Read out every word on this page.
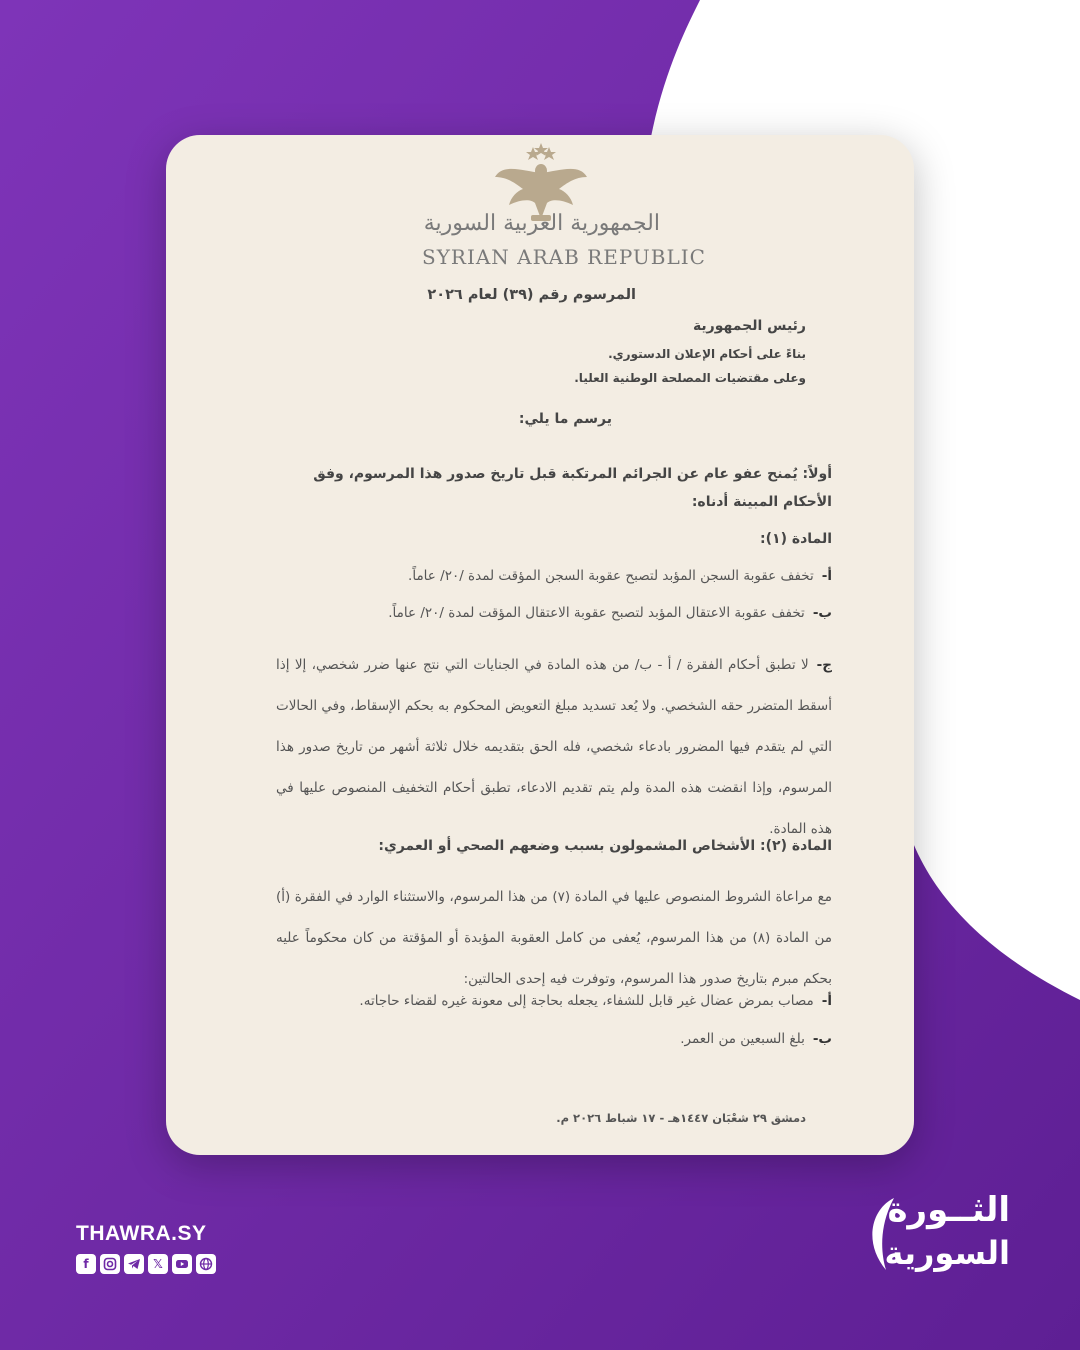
الجمهورية العربية السورية
SYRIAN ARAB REPUBLIC
المرسوم رقم (٣٩) لعام ٢٠٢٦
رئيس الجمهورية
بناءً على أحكام الإعلان الدستوري.
وعلى مقتضيات المصلحة الوطنية العليا.
يرسم ما يلي:
أولاً: يُمنح عفو عام عن الجرائم المرتكبة قبل تاريخ صدور هذا المرسوم، وفق الأحكام المبينة أدناه:
المادة (١):
أ-تخفف عقوبة السجن المؤبد لتصبح عقوبة السجن المؤقت لمدة /٢٠/ عاماً.
ب-تخفف عقوبة الاعتقال المؤبد لتصبح عقوبة الاعتقال المؤقت لمدة /٢٠/ عاماً.
ج-لا تطبق أحكام الفقرة / أ - ب/ من هذه المادة في الجنايات التي نتج عنها ضرر شخصي، إلا إذا أسقط المتضرر حقه الشخصي. ولا يُعد تسديد مبلغ التعويض المحكوم به بحكم الإسقاط، وفي الحالات التي لم يتقدم فيها المضرور بادعاء شخصي، فله الحق بتقديمه خلال ثلاثة أشهر من تاريخ صدور هذا المرسوم، وإذا انقضت هذه المدة ولم يتم تقديم الادعاء، تطبق أحكام التخفيف المنصوص عليها في هذه المادة.
المادة (٢): الأشخاص المشمولون بسبب وضعهم الصحي أو العمري:
مع مراعاة الشروط المنصوص عليها في المادة (٧) من هذا المرسوم، والاستثناء الوارد في الفقرة (أ) من المادة (٨) من هذا المرسوم، يُعفى من كامل العقوبة المؤبدة أو المؤقتة من كان محكوماً عليه بحكم مبرم بتاريخ صدور هذا المرسوم، وتوفرت فيه إحدى الحالتين:
أ-مصاب بمرض عضال غير قابل للشفاء، يجعله بحاجة إلى معونة غيره لقضاء حاجاته.
ب-بلغ السبعين من العمر.
دمشق ٢٩ شعْبَان ١٤٤٧هـ - ١٧ شباط ٢٠٢٦ م.
THAWRA.SY
f	𝕏
الثــورة
السورية
